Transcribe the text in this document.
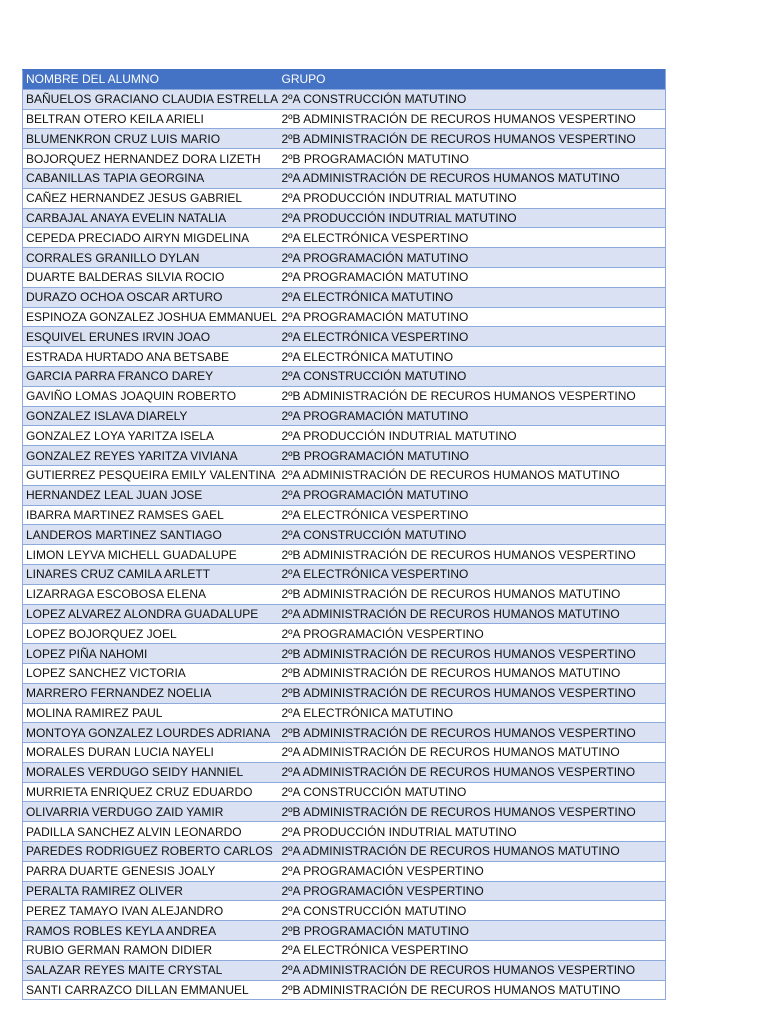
NOMBRE DEL ALUMNO	GRUPO
BAÑUELOS GRACIANO CLAUDIA ESTRELLA	2ºA CONSTRUCCIÓN MATUTINO
BELTRAN OTERO KEILA ARIELI	2ºB ADMINISTRACIÓN DE RECUROS HUMANOS VESPERTINO
BLUMENKRON CRUZ LUIS MARIO	2ºB ADMINISTRACIÓN DE RECUROS HUMANOS VESPERTINO
BOJORQUEZ HERNANDEZ DORA LIZETH	2ºB PROGRAMACIÓN MATUTINO
CABANILLAS TAPIA GEORGINA	2ºA ADMINISTRACIÓN DE RECUROS HUMANOS MATUTINO
CAÑEZ HERNANDEZ JESUS GABRIEL	2ºA PRODUCCIÓN INDUTRIAL MATUTINO
CARBAJAL ANAYA EVELIN NATALIA	2ºA PRODUCCIÓN INDUTRIAL MATUTINO
CEPEDA PRECIADO AIRYN MIGDELINA	2ºA ELECTRÓNICA VESPERTINO
CORRALES GRANILLO DYLAN	2ºA PROGRAMACIÓN MATUTINO
DUARTE BALDERAS SILVIA ROCIO	2ºA PROGRAMACIÓN MATUTINO
DURAZO OCHOA OSCAR ARTURO	2ºA ELECTRÓNICA MATUTINO
ESPINOZA GONZALEZ JOSHUA EMMANUEL	2ºA PROGRAMACIÓN MATUTINO
ESQUIVEL ERUNES IRVIN JOAO	2ºA ELECTRÓNICA VESPERTINO
ESTRADA HURTADO ANA BETSABE	2ºA ELECTRÓNICA MATUTINO
GARCIA PARRA FRANCO DAREY	2ºA CONSTRUCCIÓN MATUTINO
GAVIÑO LOMAS JOAQUIN ROBERTO	2ºB ADMINISTRACIÓN DE RECUROS HUMANOS VESPERTINO
GONZALEZ ISLAVA DIARELY	2ºA PROGRAMACIÓN MATUTINO
GONZALEZ LOYA YARITZA ISELA	2ºA PRODUCCIÓN INDUTRIAL MATUTINO
GONZALEZ REYES YARITZA VIVIANA	2ºB PROGRAMACIÓN MATUTINO
GUTIERREZ PESQUEIRA EMILY VALENTINA	2ºA ADMINISTRACIÓN DE RECUROS HUMANOS MATUTINO
HERNANDEZ LEAL JUAN JOSE	2ºA PROGRAMACIÓN MATUTINO
IBARRA MARTINEZ RAMSES GAEL	2ºA ELECTRÓNICA VESPERTINO
LANDEROS MARTINEZ SANTIAGO	2ºA CONSTRUCCIÓN MATUTINO
LIMON LEYVA MICHELL GUADALUPE	2ºB ADMINISTRACIÓN DE RECUROS HUMANOS VESPERTINO
LINARES CRUZ CAMILA ARLETT	2ºA ELECTRÓNICA VESPERTINO
LIZARRAGA ESCOBOSA ELENA	2ºB ADMINISTRACIÓN DE RECUROS HUMANOS MATUTINO
LOPEZ ALVAREZ ALONDRA GUADALUPE	2ºA ADMINISTRACIÓN DE RECUROS HUMANOS MATUTINO
LOPEZ BOJORQUEZ JOEL	2ºA PROGRAMACIÓN VESPERTINO
LOPEZ PIÑA NAHOMI	2ºB ADMINISTRACIÓN DE RECUROS HUMANOS VESPERTINO
LOPEZ SANCHEZ VICTORIA	2ºB ADMINISTRACIÓN DE RECUROS HUMANOS MATUTINO
MARRERO FERNANDEZ NOELIA	2ºB ADMINISTRACIÓN DE RECUROS HUMANOS VESPERTINO
MOLINA RAMIREZ PAUL	2ºA ELECTRÓNICA MATUTINO
MONTOYA GONZALEZ LOURDES ADRIANA	2ºB ADMINISTRACIÓN DE RECUROS HUMANOS VESPERTINO
MORALES DURAN LUCIA NAYELI	2ºA ADMINISTRACIÓN DE RECUROS HUMANOS MATUTINO
MORALES VERDUGO SEIDY HANNIEL	2ºA ADMINISTRACIÓN DE RECUROS HUMANOS VESPERTINO
MURRIETA ENRIQUEZ CRUZ EDUARDO	2ºA CONSTRUCCIÓN MATUTINO
OLIVARRIA VERDUGO ZAID YAMIR	2ºB ADMINISTRACIÓN DE RECUROS HUMANOS VESPERTINO
PADILLA SANCHEZ ALVIN LEONARDO	2ºA PRODUCCIÓN INDUTRIAL MATUTINO
PAREDES RODRIGUEZ ROBERTO CARLOS	2ºA ADMINISTRACIÓN DE RECUROS HUMANOS MATUTINO
PARRA DUARTE GENESIS JOALY	2ºA PROGRAMACIÓN VESPERTINO
PERALTA RAMIREZ OLIVER	2ºA PROGRAMACIÓN VESPERTINO
PEREZ TAMAYO IVAN ALEJANDRO	2ºA CONSTRUCCIÓN MATUTINO
RAMOS ROBLES KEYLA ANDREA	2ºB PROGRAMACIÓN MATUTINO
RUBIO GERMAN RAMON DIDIER	2ºA ELECTRÓNICA VESPERTINO
SALAZAR REYES MAITE CRYSTAL	2ºA ADMINISTRACIÓN DE RECUROS HUMANOS VESPERTINO
SANTI CARRAZCO DILLAN EMMANUEL	2ºB ADMINISTRACIÓN DE RECUROS HUMANOS MATUTINO
